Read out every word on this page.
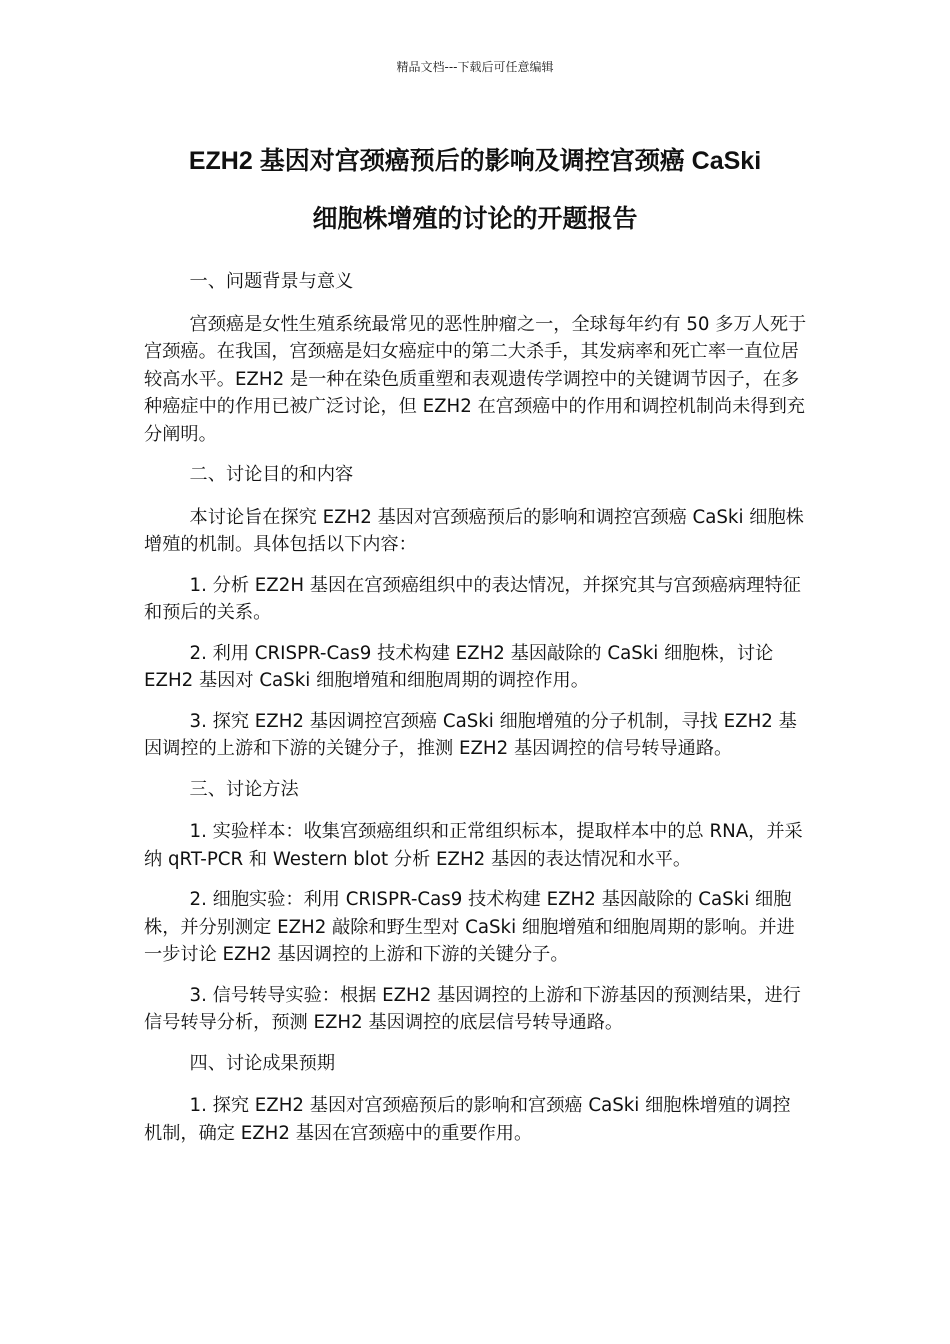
精品文档---下载后可任意编辑
EZH2 基因对宫颈癌预后的影响及调控宫颈癌 CaSki
细胞株增殖的讨论的开题报告

一、问题背景与意义

宫颈癌是女性生殖系统最常见的恶性肿瘤之一，全球每年约有 50 多万人死于宫颈癌。在我国，宫颈癌是妇女癌症中的第二大杀手，其发病率和死亡率一直位居较高水平。EZH2 是一种在染色质重塑和表观遗传学调控中的关键调节因子，在多种癌症中的作用已被广泛讨论，但 EZH2 在宫颈癌中的作用和调控机制尚未得到充分阐明。

二、讨论目的和内容

本讨论旨在探究 EZH2 基因对宫颈癌预后的影响和调控宫颈癌 CaSki 细胞株增殖的机制。具体包括以下内容：

1. 分析 EZ2H 基因在宫颈癌组织中的表达情况，并探究其与宫颈癌病理特征和预后的关系。

2. 利用 CRISPR-Cas9 技术构建 EZH2 基因敲除的 CaSki 细胞株，讨论 EZH2 基因对 CaSki 细胞增殖和细胞周期的调控作用。

3. 探究 EZH2 基因调控宫颈癌 CaSki 细胞增殖的分子机制，寻找 EZH2 基因调控的上游和下游的关键分子，推测 EZH2 基因调控的信号转导通路。

三、讨论方法

1. 实验样本：收集宫颈癌组织和正常组织标本，提取样本中的总 RNA，并采纳 qRT-PCR 和 Western blot 分析 EZH2 基因的表达情况和水平。

2. 细胞实验：利用 CRISPR-Cas9 技术构建 EZH2 基因敲除的 CaSki 细胞株，并分别测定 EZH2 敲除和野生型对 CaSki 细胞增殖和细胞周期的影响。并进一步讨论 EZH2 基因调控的上游和下游的关键分子。

3. 信号转导实验：根据 EZH2 基因调控的上游和下游基因的预测结果，进行信号转导分析，预测 EZH2 基因调控的底层信号转导通路。

四、讨论成果预期

1. 探究 EZH2 基因对宫颈癌预后的影响和宫颈癌 CaSki 细胞株增殖的调控机制，确定 EZH2 基因在宫颈癌中的重要作用。
